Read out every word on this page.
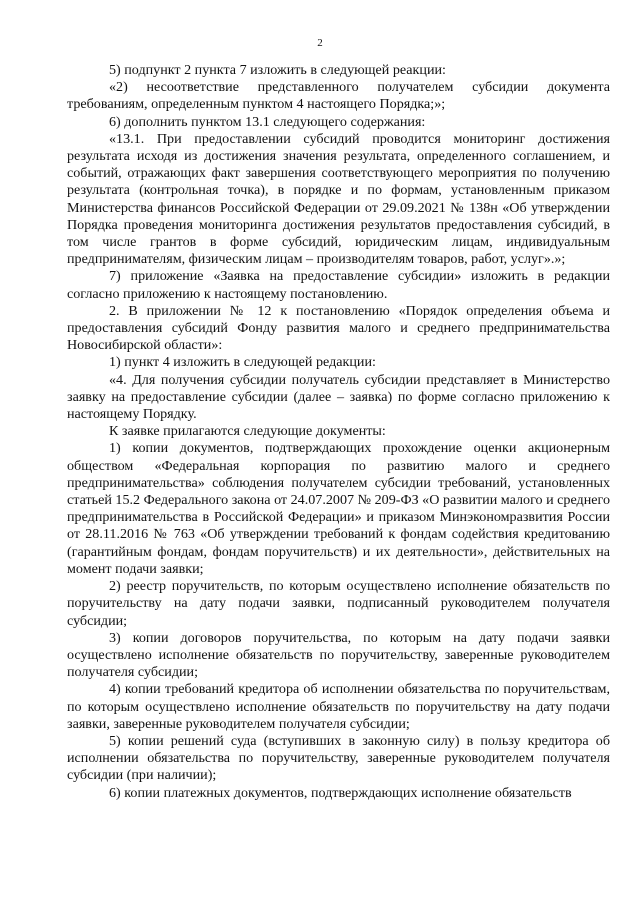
2

5) подпункт 2 пункта 7 изложить в следующей реакции:

«2) несоответствие представленного получателем субсидии документа требованиям, определенным пунктом 4 настоящего Порядка;»;

6) дополнить пунктом 13.1 следующего содержания:

«13.1. При предоставлении субсидий проводится мониторинг достижения результата исходя из достижения значения результата, определенного соглашением, и событий, отражающих факт завершения соответствующего мероприятия по получению результата (контрольная точка), в порядке и по формам, установленным приказом Министерства финансов Российской Федерации от 29.09.2021 № 138н «Об утверждении Порядка проведения мониторинга достижения результатов предоставления субсидий, в том числе грантов в форме субсидий, юридическим лицам, индивидуальным предпринимателям, физическим лицам – производителям товаров, работ, услуг».»;

7) приложение «Заявка на предоставление субсидии» изложить в редакции согласно приложению к настоящему постановлению.

2. В приложении № 12 к постановлению «Порядок определения объема и предоставления субсидий Фонду развития малого и среднего предпринимательства Новосибирской области»:

1) пункт 4 изложить в следующей редакции:

«4. Для получения субсидии получатель субсидии представляет в Министерство заявку на предоставление субсидии (далее – заявка) по форме согласно приложению к настоящему Порядку.

К заявке прилагаются следующие документы:

1) копии документов, подтверждающих прохождение оценки акционерным обществом «Федеральная корпорация по развитию малого и среднего предпринимательства» соблюдения получателем субсидии требований, установленных статьей 15.2 Федерального закона от 24.07.2007 № 209-ФЗ «О развитии малого и среднего предпринимательства в Российской Федерации» и приказом Минэкономразвития России от 28.11.2016 № 763 «Об утверждении требований к фондам содействия кредитованию (гарантийным фондам, фондам поручительств) и их деятельности», действительных на момент подачи заявки;

2) реестр поручительств, по которым осуществлено исполнение обязательств по поручительству на дату подачи заявки, подписанный руководителем получателя субсидии;

3) копии договоров поручительства, по которым на дату подачи заявки осуществлено исполнение обязательств по поручительству, заверенные руководителем получателя субсидии;

4) копии требований кредитора об исполнении обязательства по поручительствам, по которым осуществлено исполнение обязательств по поручительству на дату подачи заявки, заверенные руководителем получателя субсидии;

5) копии решений суда (вступивших в законную силу) в пользу кредитора об исполнении обязательства по поручительству, заверенные руководителем получателя субсидии (при наличии);

6) копии платежных документов, подтверждающих исполнение обязательств
